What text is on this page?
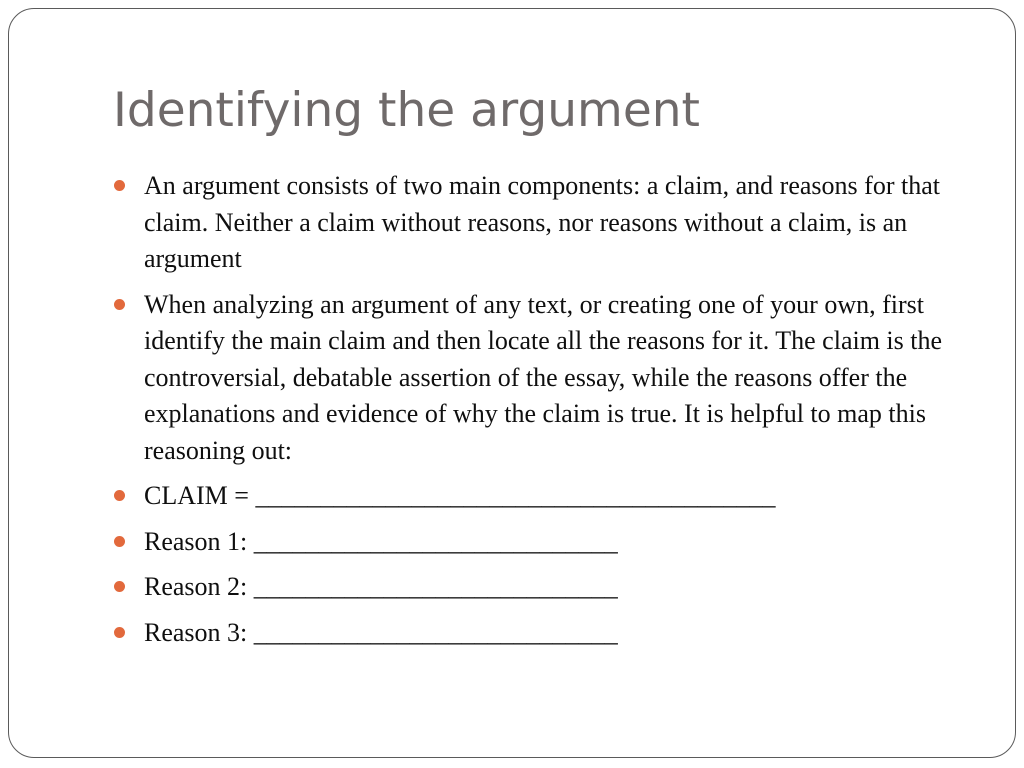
Identifying the argument
An argument consists of two main components: a claim, and reasons for that claim. Neither a claim without reasons, nor reasons without a claim, is an argument
When analyzing an argument of any text, or creating one of your own, first identify the main claim and then locate all the reasons for it. The claim is the controversial, debatable assertion of the essay, while the reasons offer the explanations and evidence of why the claim is true. It is helpful to map this reasoning out:
CLAIM = ________________________________________
Reason 1: ____________________________
Reason 2: ____________________________
Reason 3: ____________________________
